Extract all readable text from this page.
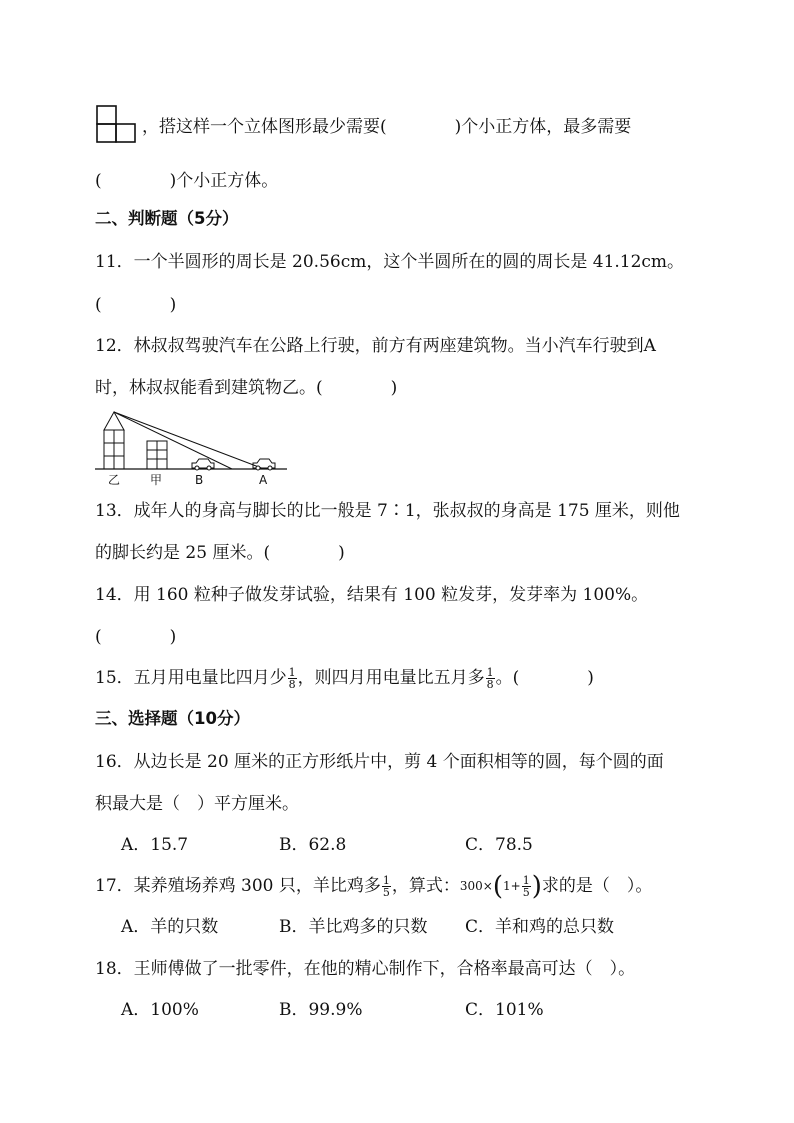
，搭这样一个立体图形最少需要(　　　　)个小正方体，最多需要
(　　　　)个小正方体。
二、判断题（5分）
11．一个半圆形的周长是 20.56cm，这个半圆所在的圆的周长是 41.12cm。
(　　　　)
12．林叔叔驾驶汽车在公路上行驶，前方有两座建筑物。当小汽车行驶到A
时，林叔叔能看到建筑物乙。(　　　　)
乙 甲	B	A
13．成年人的身高与脚长的比一般是 7∶1，张叔叔的身高是 175 厘米，则他
的脚长约是 25 厘米。(　　　　)
14．用 160 粒种子做发芽试验，结果有 100 粒发芽，发芽率为 100%。
(　　　　)
15．五月用电量比四月少 $\frac{1}{8}$ ，则四月用电量比五月多 $\frac{1}{8}$ 。(　　　　)
三、选择题（10分）
16．从边长是 20 厘米的正方形纸片中，剪 4 个面积相等的圆，每个圆的面
积最大是（　）平方厘米。
A．15.7	B．62.8	C．78.5
17．某养殖场养鸡 300 只，羊比鸡多 $\frac{1}{5}$ ，算式：$300\times(1+ \frac{1}{5}$ )求的是（　）。
A．羊的只数	B．羊比鸡多的只数 C．羊和鸡的总只数
18．王师傅做了一批零件，在他的精心制作下，合格率最高可达（　）。
A．100%	B．99.9%	C．101%
